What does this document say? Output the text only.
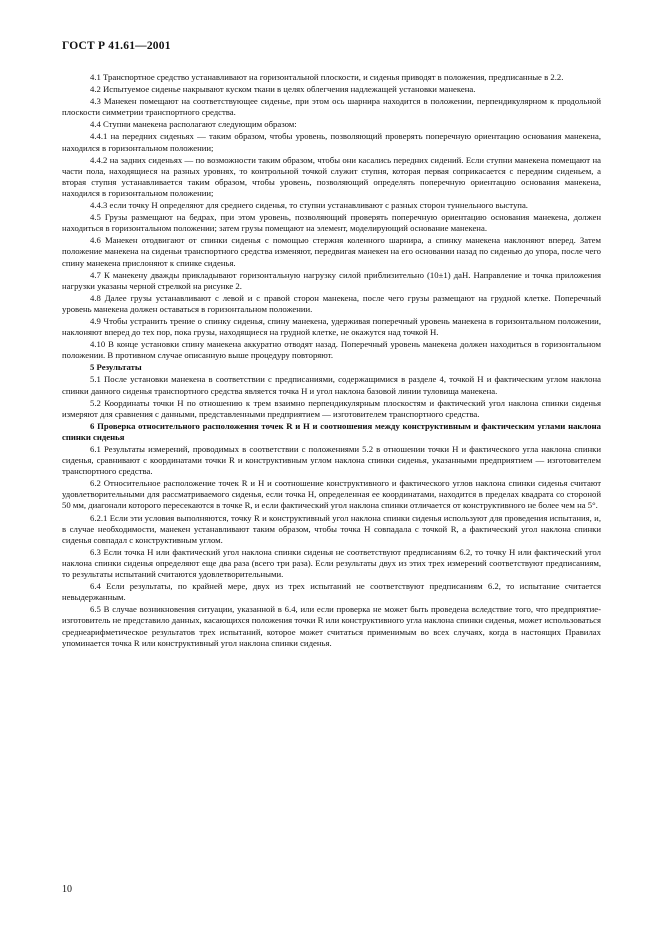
ГОСТ Р 41.61—2001

4.1 Транспортное средство устанавливают на горизонтальной плоскости, и сиденья приводят в положения, предписанные в 2.2.

4.2 Испытуемое сиденье накрывают куском ткани в целях облегчения надлежащей установки манекена.

4.3 Манекен помещают на соответствующее сиденье, при этом ось шарнира находится в положении, перпендикулярном к продольной плоскости симметрии транспортного средства.

4.4 Ступни манекена располагают следующим образом:

4.4.1 на передних сиденьях — таким образом, чтобы уровень, позволяющий проверять поперечную ориентацию основания манекена, находился в горизонтальном положении;

4.4.2 на задних сиденьях — по возможности таким образом, чтобы они касались передних сидений. Если ступни манекена помещают на части пола, находящиеся на разных уровнях, то контрольной точкой служит ступня, которая первая соприкасается с передним сиденьем, а вторая ступня устанавливается таким образом, чтобы уровень, позволяющий определять поперечную ориентацию основания манекена, находился в горизонтальном положении;

4.4.3 если точку H определяют для среднего сиденья, то ступни устанавливают с разных сторон туннельного выступа.

4.5 Грузы размещают на бедрах, при этом уровень, позволяющий проверять поперечную ориентацию основания манекена, должен находиться в горизонтальном положении; затем грузы помещают на элемент, моделирующий основание манекена.

4.6 Манекен отодвигают от спинки сиденья с помощью стержня коленного шарнира, а спинку манекена наклоняют вперед. Затем положение манекена на сиденьи транспортного средства изменяют, передвигая манекен на его основании назад по сиденью до упора, после чего спину манекена прислоняют к спинке сиденья.

4.7 К манекену дважды прикладывают горизонтальную нагрузку силой приблизительно (10±1) даН. Направление и точка приложения нагрузки указаны черной стрелкой на рисунке 2.

4.8 Далее грузы устанавливают с левой и с правой сторон манекена, после чего грузы размещают на грудной клетке. Поперечный уровень манекена должен оставаться в горизонтальном положении.

4.9 Чтобы устранить трение о спинку сиденья, спину манекена, удерживая поперечный уровень манекена в горизонтальном положении, наклоняют вперед до тех пор, пока грузы, находящиеся на грудной клетке, не окажутся над точкой H.

4.10 В конце установки спину манекена аккуратно отводят назад. Поперечный уровень манекена должен находиться в горизонтальном положении. В противном случае описанную выше процедуру повторяют.

5 Результаты

5.1 После установки манекена в соответствии с предписаниями, содержащимися в разделе 4, точкой H и фактическим углом наклона спинки данного сиденья транспортного средства является точка H и угол наклона базовой линии туловища манекена.

5.2 Координаты точки H по отношению к трем взаимно перпендикулярным плоскостям и фактический угол наклона спинки сиденья измеряют для сравнения с данными, представленными предприятием — изготовителем транспортного средства.

6 Проверка относительного расположения точек R и H и соотношения между конструктивным и фактическим углами наклона спинки сиденья

6.1 Результаты измерений, проводимых в соответствии с положениями 5.2 в отношении точки H и фактического угла наклона спинки сиденья, сравнивают с координатами точки R и конструктивным углом наклона спинки сиденья, указанными предприятием — изготовителем транспортного средства.

6.2 Относительное расположение точек R и H и соотношение конструктивного и фактического углов наклона спинки сиденья считают удовлетворительными для рассматриваемого сиденья, если точка H, определенная ее координатами, находится в пределах квадрата со стороной 50 мм, диагонали которого пересекаются в точке R, и если фактический угол наклона спинки отличается от конструктивного не более чем на 5°.

6.2.1 Если эти условия выполняются, точку R и конструктивный угол наклона спинки сиденья используют для проведения испытания, и, в случае необходимости, манекен устанавливают таким образом, чтобы точка H совпадала с точкой R, а фактический угол наклона спинки сиденья совпадал с конструктивным углом.

6.3 Если точка H или фактический угол наклона спинки сиденья не соответствуют предписаниям 6.2, то точку H или фактический угол наклона спинки сиденья определяют еще два раза (всего три раза). Если результаты двух из этих трех измерений соответствуют предписаниям, то результаты испытаний считаются удовлетворительными.

6.4 Если результаты, по крайней мере, двух из трех испытаний не соответствуют предписаниям 6.2, то испытание считается невыдержанным.

6.5 В случае возникновения ситуации, указанной в 6.4, или если проверка не может быть проведена вследствие того, что предприятие-изготовитель не представило данных, касающихся положения точки R или конструктивного угла наклона спинки сиденья, может использоваться среднеарифметическое результатов трех испытаний, которое может считаться применимым во всех случаях, когда в настоящих Правилах упоминается точка R или конструктивный угол наклона спинки сиденья.

10
